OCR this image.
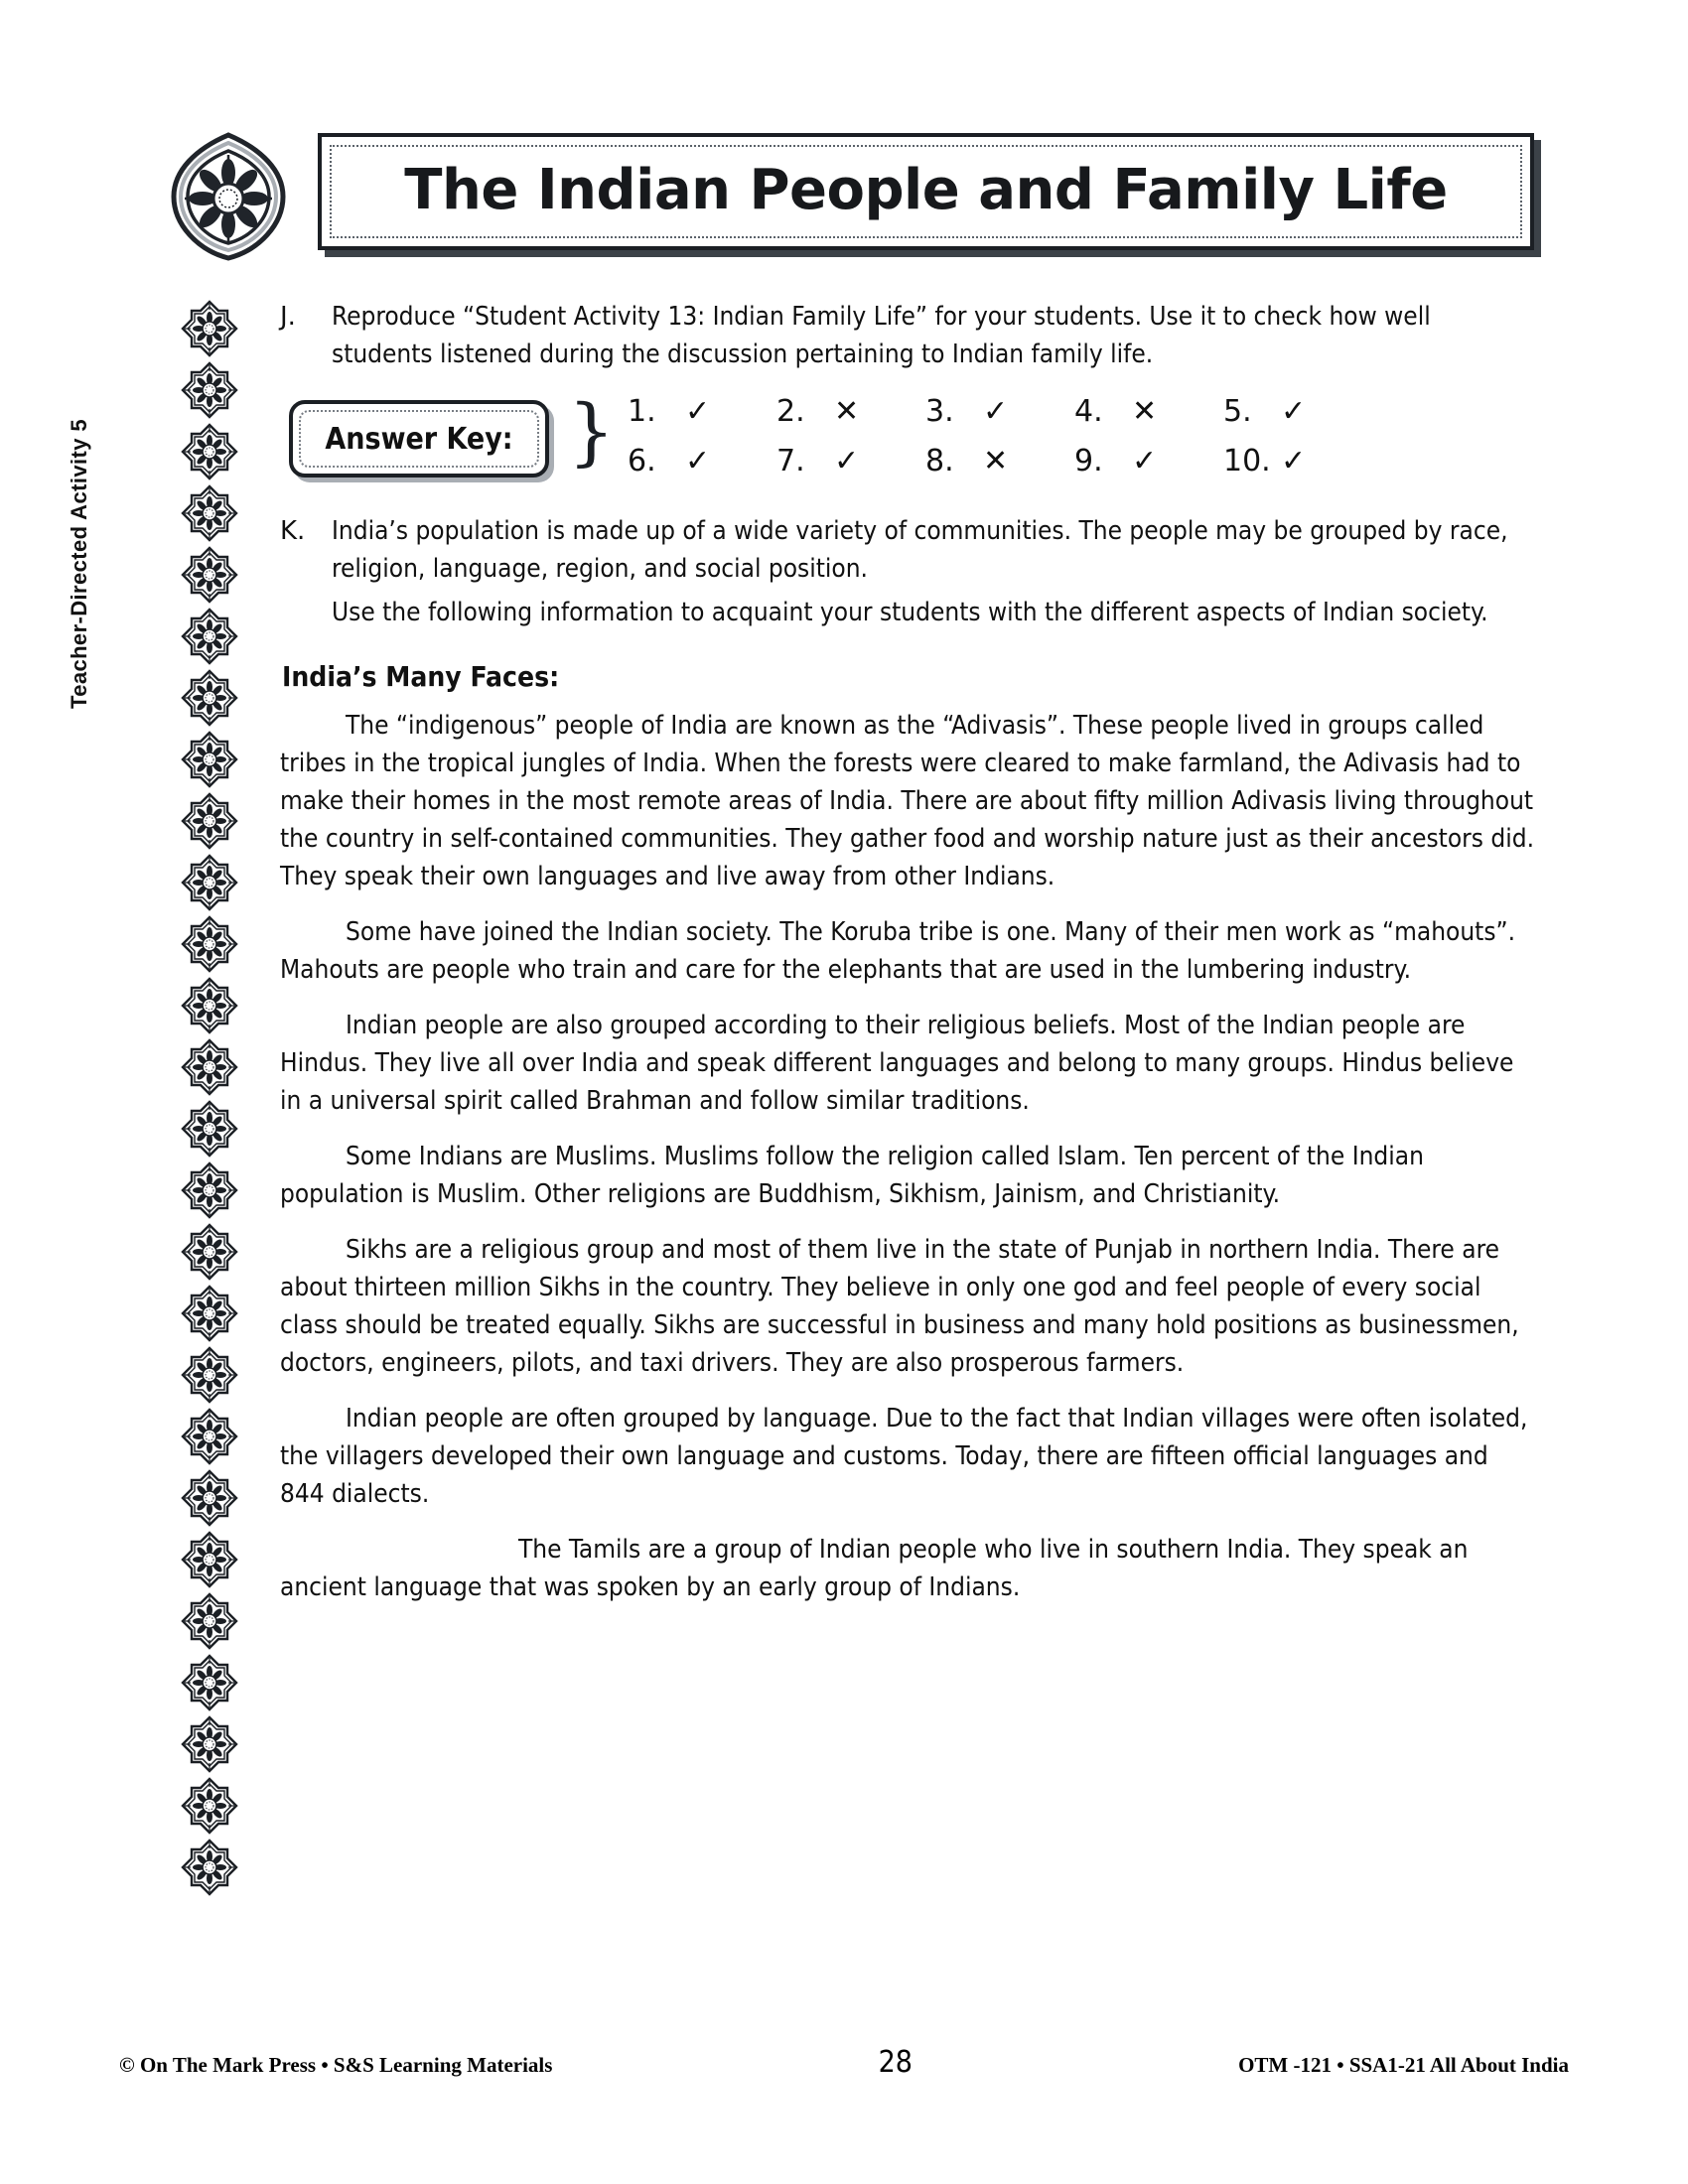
Teacher-Directed Activity 5
The Indian People and Family Life
J.	Reproduce “Student Activity 13: Indian Family Life” for your students. Use it to check how well students listened during the discussion pertaining to Indian family life.
}
Answer Key:
1. ✓ 2. ✕ 3. ✓ 4. ✕ 5. ✓
6. ✓ 7. ✓ 8. ✕ 9. ✓ 10. ✓
K.	India’s population is made up of a wide variety of communities. The people may be grouped by race, religion, language, region, and social position.

Use the following information to acquaint your students with the different aspects of Indian society.

India’s Many Faces:

The “indigenous” people of India are known as the “Adivasis”. These people lived in groups called tribes in the tropical jungles of India. When the forests were cleared to make farmland, the Adivasis had to make their homes in the most remote areas of India. There are about fifty million Adivasis living throughout the country in self-contained communities. They gather food and worship nature just as their ancestors did. They speak their own languages and live away from other Indians.

Some have joined the Indian society. The Koruba tribe is one. Many of their men work as “mahouts”. Mahouts are people who train and care for the elephants that are used in the lumbering industry.

Indian people are also grouped according to their religious beliefs. Most of the Indian people are Hindus. They live all over India and speak different languages and belong to many groups. Hindus believe in a universal spirit called Brahman and follow similar traditions.

Some Indians are Muslims. Muslims follow the religion called Islam. Ten percent of the Indian population is Muslim. Other religions are Buddhism, Sikhism, Jainism, and Christianity.

Sikhs are a religious group and most of them live in the state of Punjab in northern India. There are about thirteen million Sikhs in the country. They believe in only one god and feel people of every social class should be treated equally. Sikhs are successful in business and many hold positions as businessmen, doctors, engineers, pilots, and taxi drivers. They are also prosperous farmers.

Indian people are often grouped by language. Due to the fact that Indian villages were often isolated, the villagers developed their own language and customs. Today, there are fifteen official languages and 844 dialects.

The Tamils are a group of Indian people who live in southern India. They speak an ancient language that was spoken by an early group of Indians.

© On The Mark Press • S&S Learning Materials	28	OTM -121 • SSA1-21 All About India
